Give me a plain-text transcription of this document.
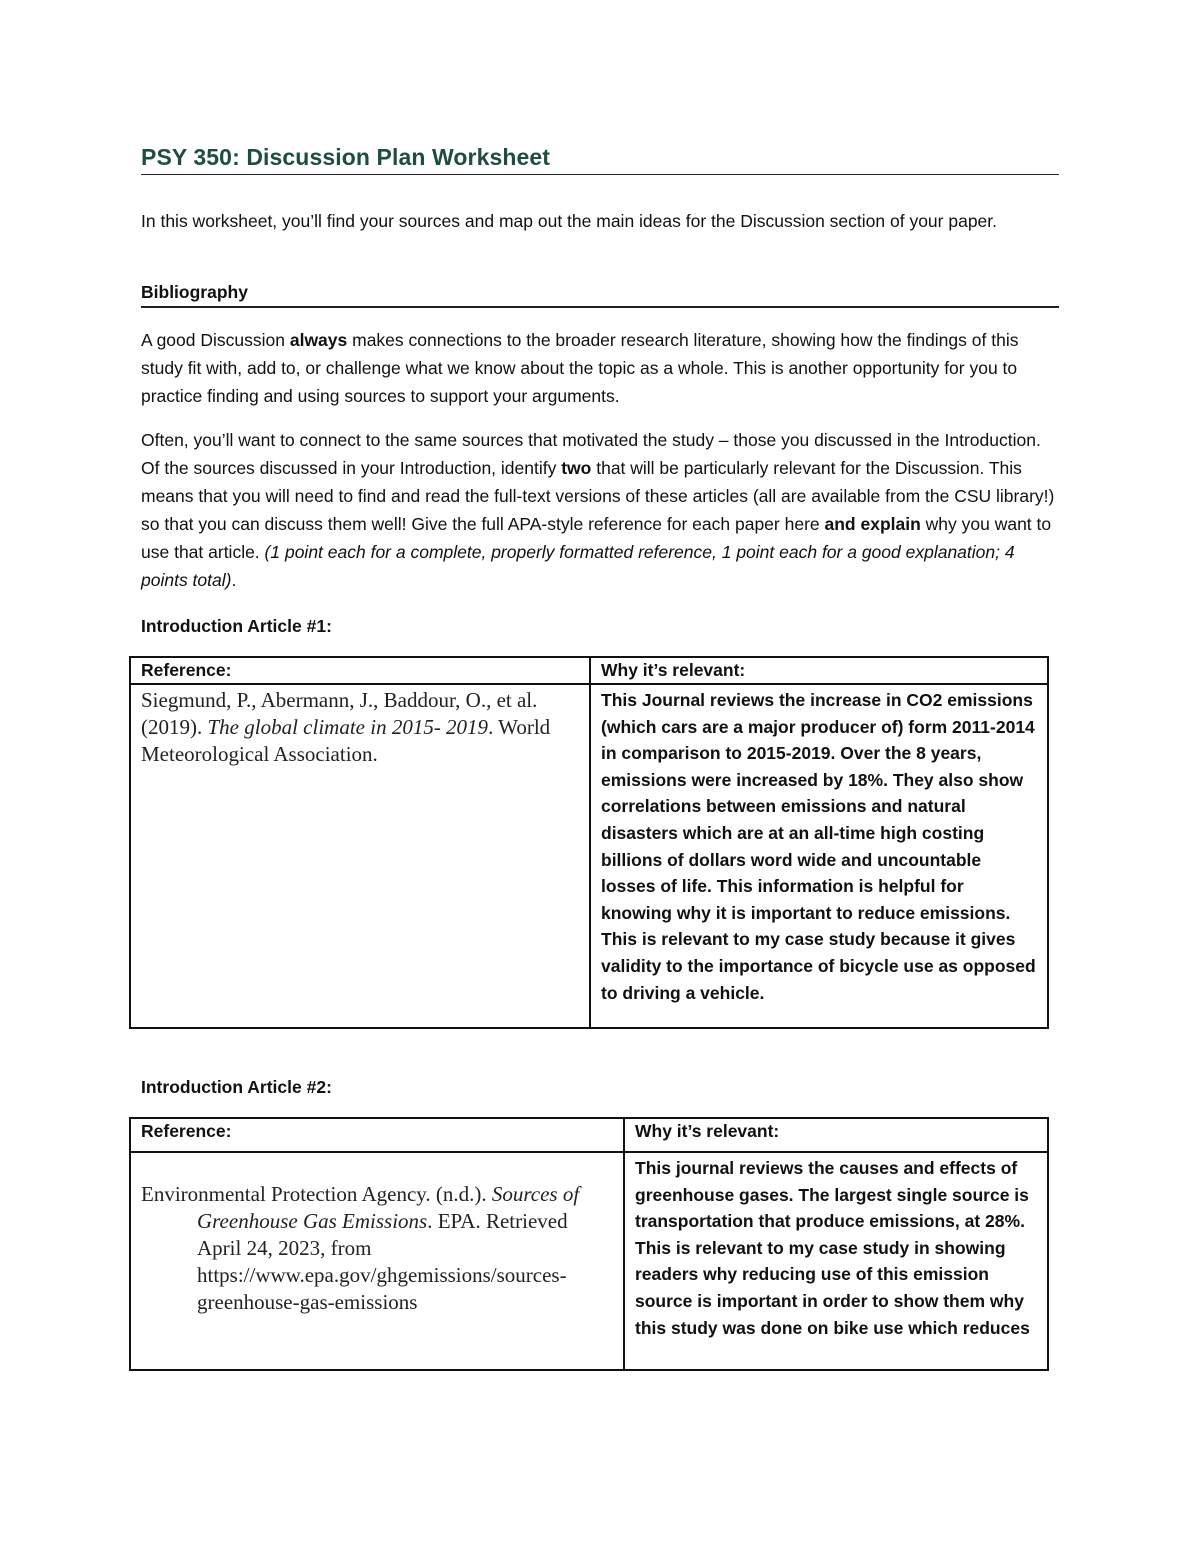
PSY 350: Discussion Plan Worksheet

In this worksheet, you’ll find your sources and map out the main ideas for the Discussion section of your paper.

Bibliography

A good Discussion always makes connections to the broader research literature, showing how the findings of this study fit with, add to, or challenge what we know about the topic as a whole. This is another opportunity for you to practice finding and using sources to support your arguments.

Often, you’ll want to connect to the same sources that motivated the study – those you discussed in the Introduction. Of the sources discussed in your Introduction, identify two that will be particularly relevant for the Discussion. This means that you will need to find and read the full-text versions of these articles (all are available from the CSU library!) so that you can discuss them well! Give the full APA-style reference for each paper here and explain why you want to use that article. (1 point each for a complete, properly formatted reference, 1 point each for a good explanation; 4 points total).

Introduction Article #1:
Reference:	Why it’s relevant:

Siegmund, P., Abermann, J., Baddour, O., et al. (2019). The global climate in 2015- 2019. World Meteorological Association.	This Journal reviews the increase in CO2 emissions (which cars are a major producer of) form 2011-2014 in comparison to 2015-2019. Over the 8 years, emissions were increased by 18%. They also show correlations between emissions and natural disasters which are at an all-time high costing billions of dollars word wide and uncountable losses of life. This information is helpful for knowing why it is important to reduce emissions. This is relevant to my case study because it gives validity to the importance of bicycle use as opposed to driving a vehicle.
Introduction Article #2:
Reference:	Why it’s relevant:

Environmental Protection Agency. (n.d.). Sources of Greenhouse Gas Emissions. EPA. Retrieved April 24, 2023, from https://www.epa.gov/ghgemissions/sources-greenhouse-gas-emissions	This journal reviews the causes and effects of greenhouse gases. The largest single source is transportation that produce emissions, at 28%. This is relevant to my case study in showing readers why reducing use of this emission source is important in order to show them why this study was done on bike use which reduces
